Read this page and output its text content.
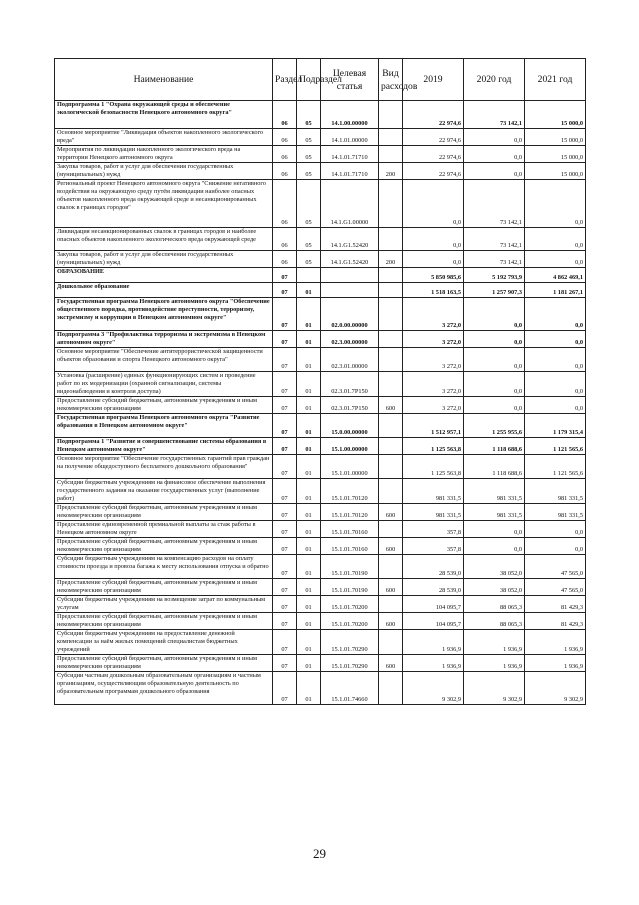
Наименование	Раздел	Подраздел	Целевая статья	Вид расходов	2019	2020 год	2021 год
Подпрограмма 1 "Охрана окружающей среды и обеспечение экологической безопасности Ненецкого автономного округа"	06	05	14.1.00.00000		22 974,6	73 142,1	15 000,0
Основное мероприятие "Ликвидация объектов накопленного экологического вреда"	06	05	14.1.01.00000		22 974,6	0,0	15 000,0
Мероприятия по ликвидации накопленного экологического вреда на территории Ненецкого автономного округа	06	05	14.1.01.71710		22 974,6	0,0	15 000,0
Закупка товаров, работ и услуг для обеспечения государственных (муниципальных) нужд	06	05	14.1.01.71710	200	22 974,6	0,0	15 000,0
Региональный проект Ненецкого автономного округа "Снижение негативного воздействия на окружающую среду путём ликвидации наиболее опасных объектов накопленного вреда окружающей среде и несанкционированных свалок в границах городов"	06	05	14.1.G1.00000		0,0	73 142,1	0,0
Ликвидация несанкционированных свалок в границах городов и наиболее опасных объектов накопленного экологического вреда окружающей среде	06	05	14.1.G1.52420		0,0	73 142,1	0,0
Закупка товаров, работ и услуг для обеспечения государственных (муниципальных) нужд	06	05	14.1.G1.52420	200	0,0	73 142,1	0,0
ОБРАЗОВАНИЕ	07				5 850 985,6	5 192 793,9	4 862 469,1
Дошкольное образование	07	01			1 518 163,5	1 257 907,3	1 181 267,1
Государственная программа Ненецкого автономного округа "Обеспечение общественного порядка, противодействие преступности, терроризму, экстремизму и коррупции в Ненецком автономном округе"	07	01	02.0.00.00000		3 272,0	0,0	0,0
Подпрограмма 3 "Профилактика терроризма и экстремизма в Ненецком автономном округе"	07	01	02.3.00.00000		3 272,0	0,0	0,0
Основное мероприятие "Обеспечение антитеррористической защищенности объектов образования и спорта Ненецкого автономного округа"	07	01	02.3.01.00000		3 272,0	0,0	0,0
Установка (расширение) единых функционирующих систем и проведение работ по их модернизации (охранной сигнализации, системы видеонаблюдения и контроля доступа)	07	01	02.3.01.7P150		3 272,0	0,0	0,0
Предоставление субсидий бюджетным, автономным учреждениям и иным некоммерческим организациям	07	01	02.3.01.7P150	600	3 272,0	0,0	0,0
Государственная программа Ненецкого автономного округа "Развитие образования в Ненецком автономном округе"	07	01	15.0.00.00000		1 512 957,1	1 255 955,6	1 179 315,4
Подпрограмма 1 "Развитие и совершенствование системы образования в Ненецком автономном округе"	07	01	15.1.00.00000		1 125 563,8	1 118 688,6	1 121 565,6
Основное мероприятие "Обеспечение государственных гарантий прав граждан на получение общедоступного бесплатного дошкольного образования"	07	01	15.1.01.00000		1 125 563,8	1 118 688,6	1 121 565,6
Субсидии бюджетным учреждениям на финансовое обеспечение выполнения государственного задания на оказание государственных услуг (выполнение работ)	07	01	15.1.01.70120		981 331,5	981 331,5	981 331,5
Предоставление субсидий бюджетным, автономным учреждениям и иным некоммерческим организациям	07	01	15.1.01.70120	600	981 331,5	981 331,5	981 331,5
Предоставление единовременной премиальной выплаты за стаж работы в Ненецком автономном округе	07	01	15.1.01.70160		357,8	0,0	0,0
Предоставление субсидий бюджетным, автономным учреждениям и иным некоммерческим организациям	07	01	15.1.01.70160	600	357,8	0,0	0,0
Субсидии бюджетным учреждениям на компенсацию расходов на оплату стоимости проезда и провоза багажа к месту использования отпуска и обратно	07	01	15.1.01.70190		28 539,0	38 052,0	47 565,0
Предоставление субсидий бюджетным, автономным учреждениям и иным некоммерческим организациям	07	01	15.1.01.70190	600	28 539,0	38 052,0	47 565,0
Субсидии бюджетным учреждениям на возмещение затрат по коммунальным услугам	07	01	15.1.01.70200		104 095,7	88 065,3	81 429,3
Предоставление субсидий бюджетным, автономным учреждениям и иным некоммерческим организациям	07	01	15.1.01.70200	600	104 095,7	88 065,3	81 429,3
Субсидии бюджетным учреждениям на предоставление денежной компенсации за наём жилых помещений специалистам бюджетных учреждений	07	01	15.1.01.70290		1 936,9	1 936,9	1 936,9
Предоставление субсидий бюджетным, автономным учреждениям и иным некоммерческим организациям	07	01	15.1.01.70290	600	1 936,9	1 936,9	1 936,9
Субсидии частным дошкольным образовательным организациям и частным организациям, осуществляющим образовательную деятельность по образовательным программам дошкольного образования	07	01	15.1.01.74660		9 302,9	9 302,9	9 302,9
29
